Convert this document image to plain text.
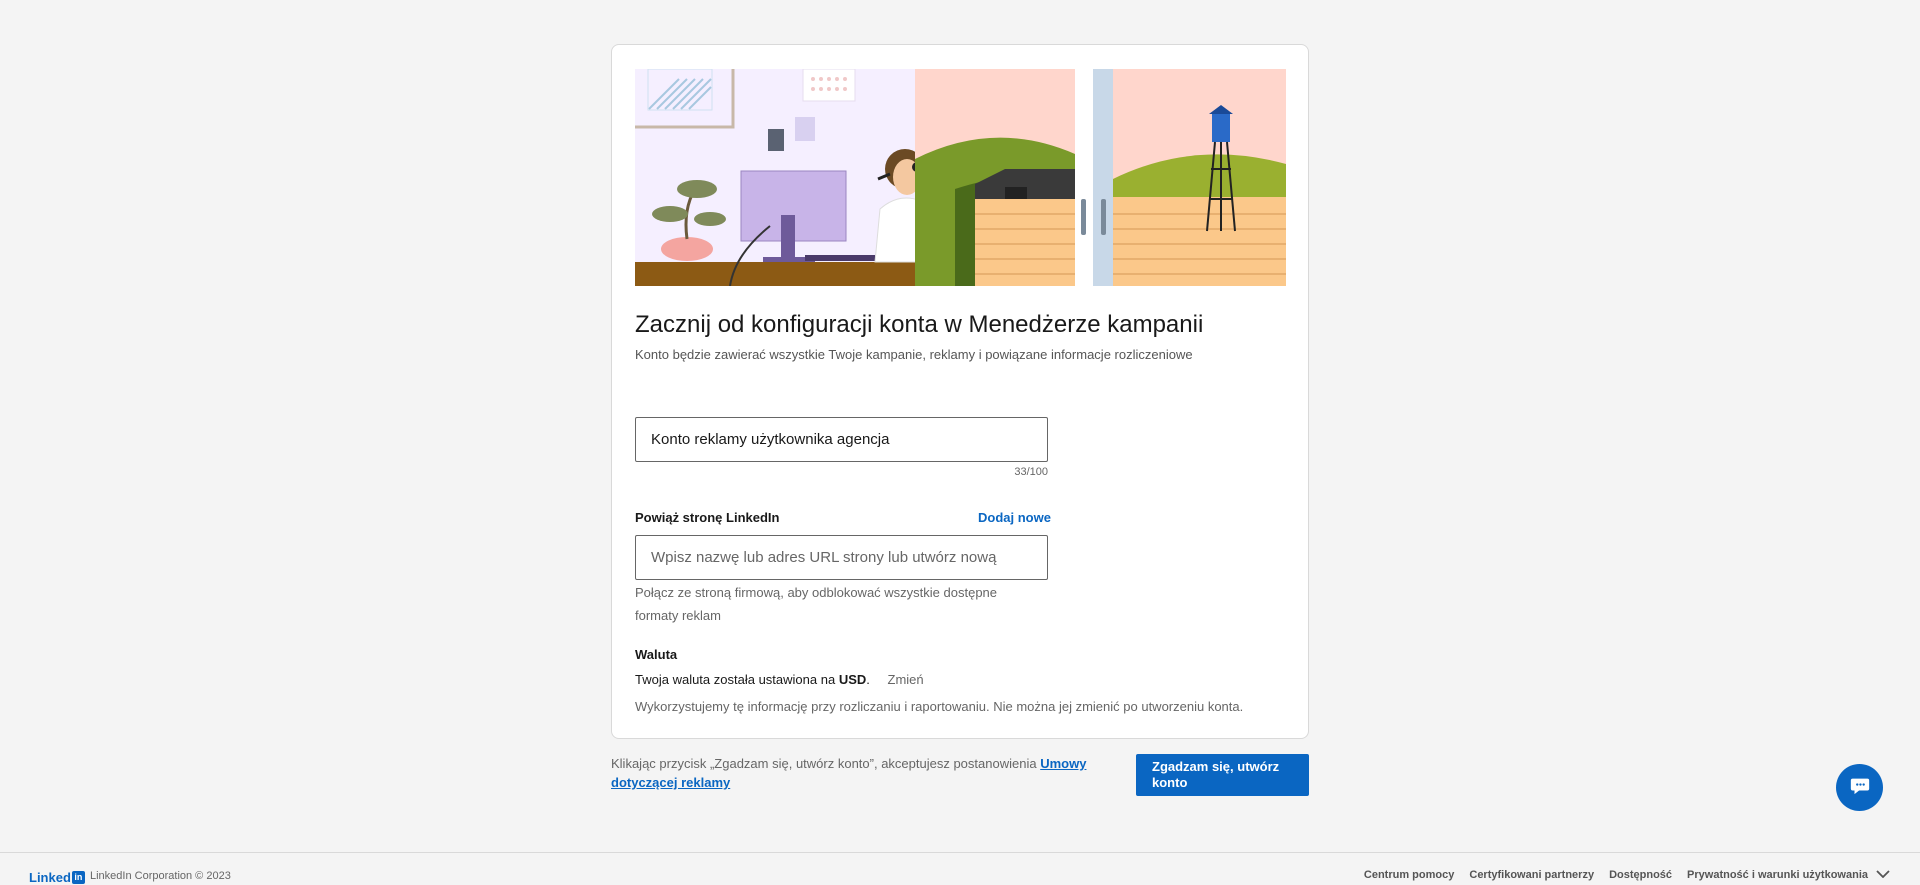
Zacznij od konfiguracji konta w Menedżerze kampanii

Konto będzie zawierać wszystkie Twoje kampanie, reklamy i powiązane informacje rozliczeniowe

Konto reklamy użytkownika agencja
33/100
Powiąż stronę LinkedIn	Dodaj nowe
Wpisz nazwę lub adres URL strony lub utwórz nową
Połącz ze stroną firmową, aby odblokować wszystkie dostępne formaty reklam
Waluta
Twoja waluta została ustawiona na USD. Zmień
Wykorzystujemy tę informację przy rozliczaniu i raportowaniu. Nie można jej zmienić po utworzeniu konta.
Klikając przycisk „Zgadzam się, utwórz konto”, akceptujesz postanowienia Umowy dotyczącej reklamy
Zgadzam się, utwórz konto
Linked in LinkedIn Corporation © 2023	Centrum pomocy Certyfikowani partnerzy Dostępność Prywatność i warunki użytkowania
